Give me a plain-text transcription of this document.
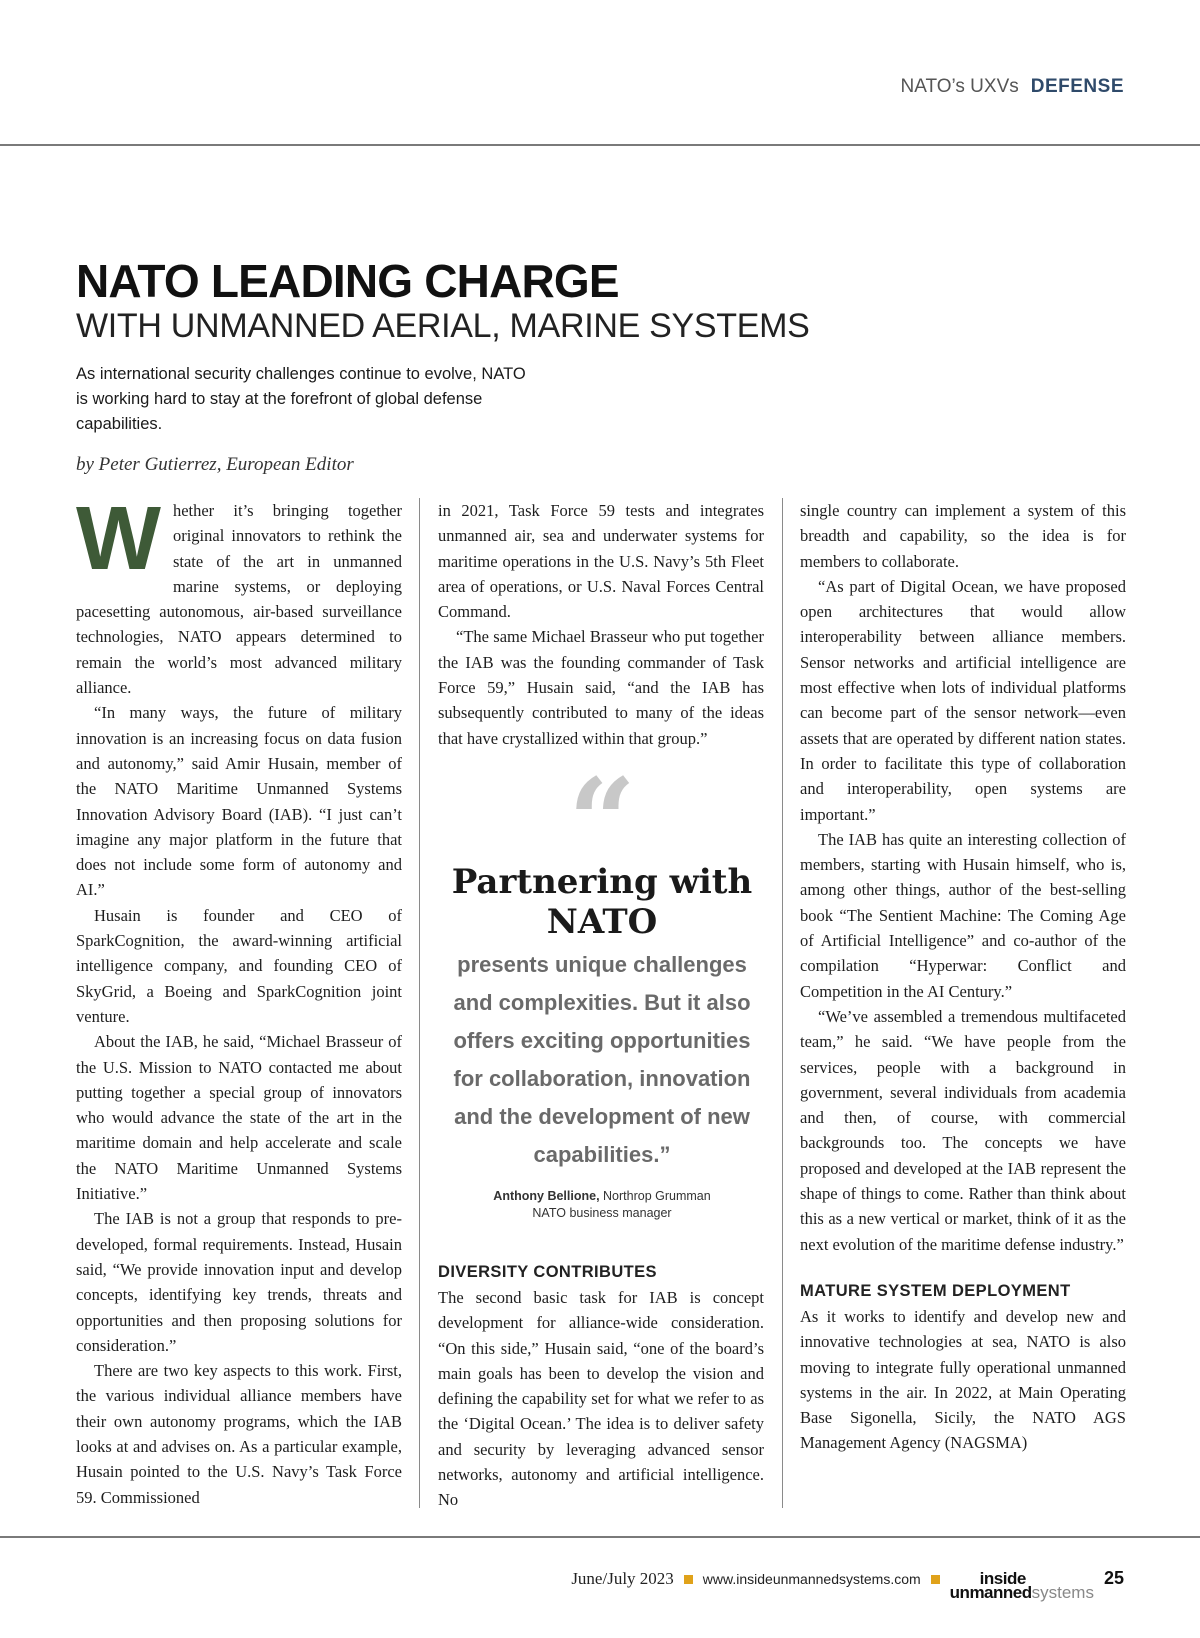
NATO’s UXVs DEFENSE
NATO LEADING CHARGE
WITH UNMANNED AERIAL, MARINE SYSTEMS
As international security challenges continue to evolve, NATO is working hard to stay at the forefront of global defense capabilities.
by Peter Gutierrez, European Editor

Whether it’s bringing together original innovators to rethink the state of the art in unmanned marine systems, or deploying pacesetting autonomous, air-based surveillance technologies, NATO appears determined to remain the world’s most advanced military alliance.

“In many ways, the future of military innovation is an increasing focus on data fusion and autonomy,” said Amir Husain, member of the NATO Maritime Unmanned Systems Innovation Advisory Board (IAB). “I just can’t imagine any major platform in the future that does not include some form of autonomy and AI.”

Husain is founder and CEO of SparkCognition, the award-winning artificial intelligence company, and founding CEO of SkyGrid, a Boeing and SparkCognition joint venture.

About the IAB, he said, “Michael Brasseur of the U.S. Mission to NATO contacted me about putting together a special group of innovators who would advance the state of the art in the maritime domain and help accelerate and scale the NATO Maritime Unmanned Systems Initiative.”

The IAB is not a group that responds to pre-developed, formal requirements. Instead, Husain said, “We provide innovation input and develop concepts, identifying key trends, threats and opportunities and then proposing solutions for consideration.”

There are two key aspects to this work. First, the various individual alliance members have their own autonomy programs, which the IAB looks at and advises on. As a particular example, Husain pointed to the U.S. Navy’s Task Force 59. Commissioned

in 2021, Task Force 59 tests and integrates unmanned air, sea and underwater systems for maritime operations in the U.S. Navy’s 5th Fleet area of operations, or U.S. Naval Forces Central Command.

“The same Michael Brasseur who put together the IAB was the founding commander of Task Force 59,” Husain said, “and the IAB has subsequently contributed to many of the ideas that have crystallized within that group.”

“
Partnering with NATO
presents unique challenges and complexities. But it also offers exciting opportunities for collaboration, innovation and the development of new capabilities.”
Anthony Bellione, Northrop Grumman
NATO business manager
DIVERSITY CONTRIBUTES

The second basic task for IAB is concept development for alliance-wide consideration. “On this side,” Husain said, “one of the board’s main goals has been to develop the vision and defining the capability set for what we refer to as the ‘Digital Ocean.’ The idea is to deliver safety and security by leveraging advanced sensor networks, autonomy and artificial intelligence. No

single country can implement a system of this breadth and capability, so the idea is for members to collaborate.

“As part of Digital Ocean, we have proposed open architectures that would allow interoperability between alliance members. Sensor networks and artificial intelligence are most effective when lots of individual platforms can become part of the sensor network—even assets that are operated by different nation states. In order to facilitate this type of collaboration and interoperability, open systems are important.”

The IAB has quite an interesting collection of members, starting with Husain himself, who is, among other things, author of the best-selling book “The Sentient Machine: The Coming Age of Artificial Intelligence” and co-author of the compilation “Hyperwar: Conflict and Competition in the AI Century.”

“We’ve assembled a tremendous multifaceted team,” he said. “We have people from the services, people with a background in government, several individuals from academia and then, of course, with commercial backgrounds too. The concepts we have proposed and developed at the IAB represent the shape of things to come. Rather than think about this as a new vertical or market, think of it as the next evolution of the maritime defense industry.”

MATURE SYSTEM DEPLOYMENT

As it works to identify and develop new and innovative technologies at sea, NATO is also moving to integrate fully operational unmanned systems in the air. In 2022, at Main Operating Base Sigonella, Sicily, the NATO AGS Management Agency (NAGSMA)

June/July 2023 www.insideunmannedsystems.com	inside
unmannedsystems
25
